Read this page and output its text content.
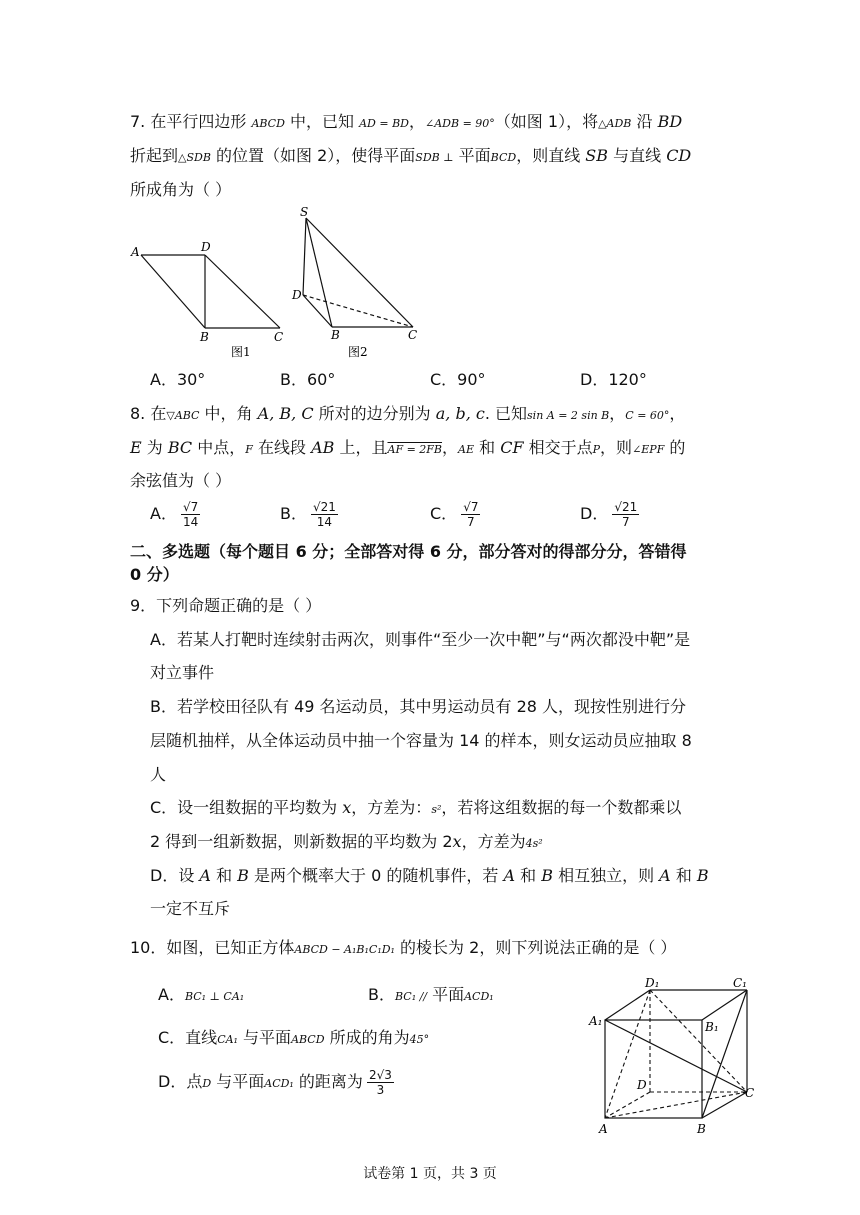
7. 在平行四边形 ABCD 中，已知 AD = BD，∠ADB = 90°（如图 1），将△ADB 沿 BD
折起到△SDB 的位置（如图 2），使得平面SDB ⊥ 平面BCD，则直线 SB 与直线 CD
所成角为（ ）
A	D
B	C
图1
S
D
B	C
图2
A．30°	B．60°	C．90°	D．120°
8. 在▽ABC 中，角 A, B, C 所对的边分别为 a, b, c. 已知sin A = 2 sin B，C = 60°，
E 为 BC 中点，F 在线段 AB 上，且AF = 2FB，AE 和 CF 相交于点P，则∠EPF 的
余弦值为（ ）
A． $\frac{√7}{14}$	B． $\frac{√21}{14}$	C． $\frac{√7}{7}$	D． $\frac{√21}{7}$
二、多选题（每个题目 6 分；全部答对得 6 分，部分答对的得部分分，答错得
0 分）
9．下列命题正确的是（ ）
A．若某人打靶时连续射击两次，则事件“至少一次中靶”与“两次都没中靶”是
对立事件
B．若学校田径队有 49 名运动员，其中男运动员有 28 人，现按性别进行分
层随机抽样，从全体运动员中抽一个容量为 14 的样本，则女运动员应抽取 8
人
C．设一组数据的平均数为 x，方差为：s²，若将这组数据的每一个数都乘以
2 得到一组新数据，则新数据的平均数为 2x，方差为4s²
D．设 A 和 B 是两个概率大于 0 的随机事件，若 A 和 B 相互独立，则 A 和 B
一定不互斥
10．如图，已知正方体ABCD − A₁B₁C₁D₁ 的棱长为 2，则下列说法正确的是（ ）
A．BC₁ ⊥ CA₁	B．BC₁ // 平面ACD₁
C．直线CA₁ 与平面ABCD 所成的角为45°
D．点D 与平面ACD₁ 的距离为 $\frac{2√3}{3}$
D₁	C₁
A₁	B₁
D
C
A	B
试卷第 1 页，共 3 页
